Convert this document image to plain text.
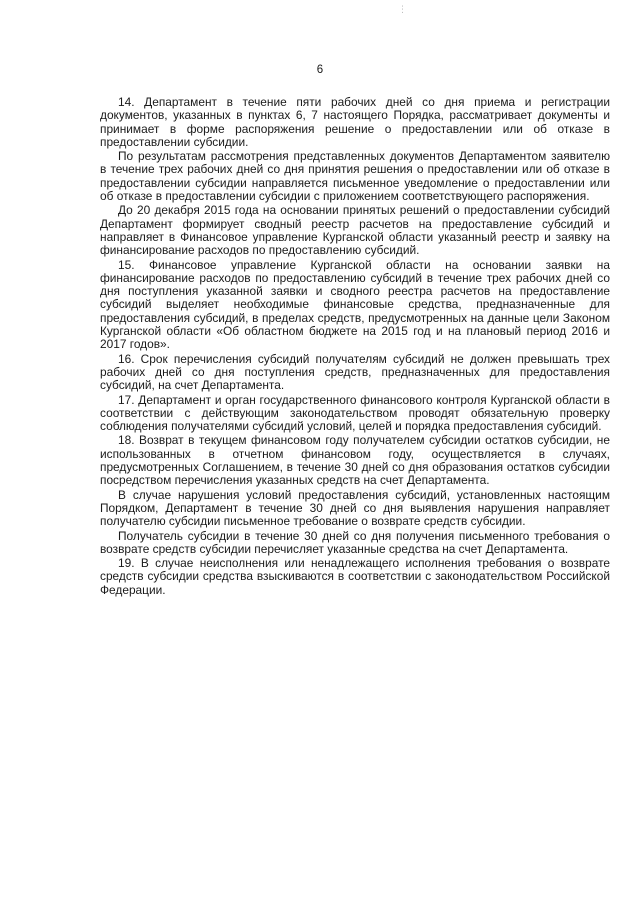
⋮
6

14. Департамент в течение пяти рабочих дней со дня приема и регистрации документов, указанных в пунктах 6, 7 настоящего Порядка, рассматривает документы и принимает в форме распоряжения решение о предоставлении или об отказе в предоставлении субсидии.

По результатам рассмотрения представленных документов Департаментом заявителю в течение трех рабочих дней со дня принятия решения о предоставлении или об отказе в предоставлении субсидии направляется письменное уведомление о предоставлении или об отказе в предоставлении субсидии с приложением соответствующего распоряжения.

До 20 декабря 2015 года на основании принятых решений о предоставлении субсидий Департамент формирует сводный реестр расчетов на предоставление субсидий и направляет в Финансовое управление Курганской области указанный реестр и заявку на финансирование расходов по предоставлению субсидий.

15. Финансовое управление Курганской области на основании заявки на финансирование расходов по предоставлению субсидий в течение трех рабочих дней со дня поступления указанной заявки и сводного реестра расчетов на предоставление субсидий выделяет необходимые финансовые средства, предназначенные для предоставления субсидий, в пределах средств, предусмотренных на данные цели Законом Курганской области «Об областном бюджете на 2015 год и на плановый период 2016 и 2017 годов».

16. Срок перечисления субсидий получателям субсидий не должен превышать трех рабочих дней со дня поступления средств, предназначенных для предоставления субсидий, на счет Департамента.

17. Департамент и орган государственного финансового контроля Курганской области в соответствии с действующим законодательством проводят обязательную проверку соблюдения получателями субсидий условий, целей и порядка предоставления субсидий.

18. Возврат в текущем финансовом году получателем субсидии остатков субсидии, не использованных в отчетном финансовом году, осуществляется в случаях, предусмотренных Соглашением, в течение 30 дней со дня образования остатков субсидии посредством перечисления указанных средств на счет Департамента.

В случае нарушения условий предоставления субсидий, установленных настоящим Порядком, Департамент в течение 30 дней со дня выявления нарушения направляет получателю субсидии письменное требование о возврате средств субсидии.

Получатель субсидии в течение 30 дней со дня получения письменного требования о возврате средств субсидии перечисляет указанные средства на счет Департамента.

19. В случае неисполнения или ненадлежащего исполнения требования о возврате средств субсидии средства взыскиваются в соответствии с законодательством Российской Федерации.
